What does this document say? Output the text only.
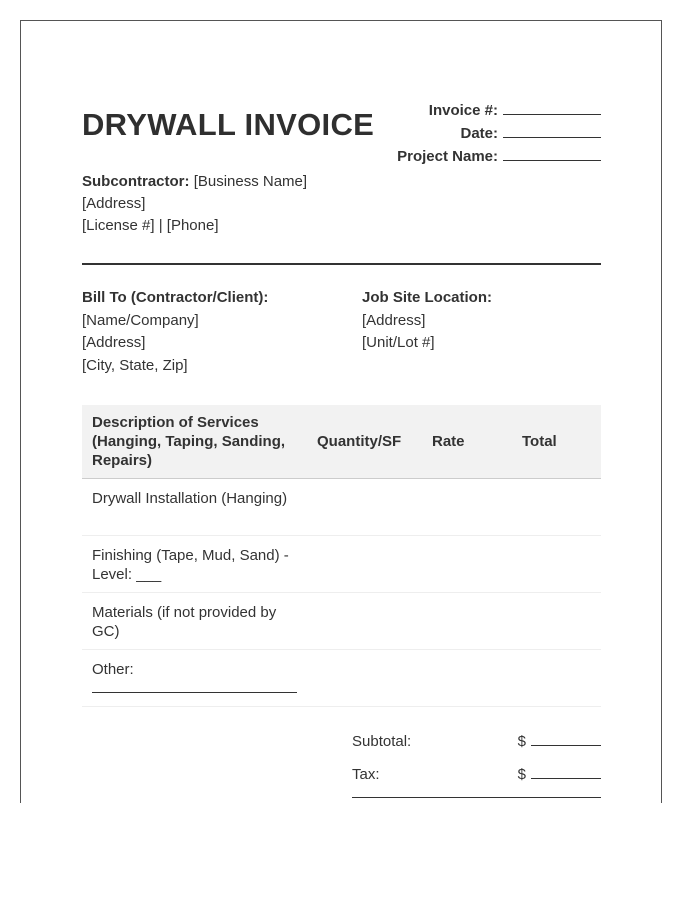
DRYWALL INVOICE	Invoice #:
Date:
Project Name:
Subcontractor: [Business Name]
[Address]
[License #] | [Phone]
Bill To (Contractor/Client):
[Name/Company]
[Address]
[City, State, Zip]
Job Site Location:
[Address]
[Unit/Lot #]
Description of Services (Hanging, Taping, Sanding, Repairs)	Quantity/SF	Rate	Total

Drywall Installation (Hanging)			

Finishing (Tape, Mud, Sand) - Level: ___			

Materials (if not provided by GC)			

Other:			

Subtotal:	$
Tax:	$
